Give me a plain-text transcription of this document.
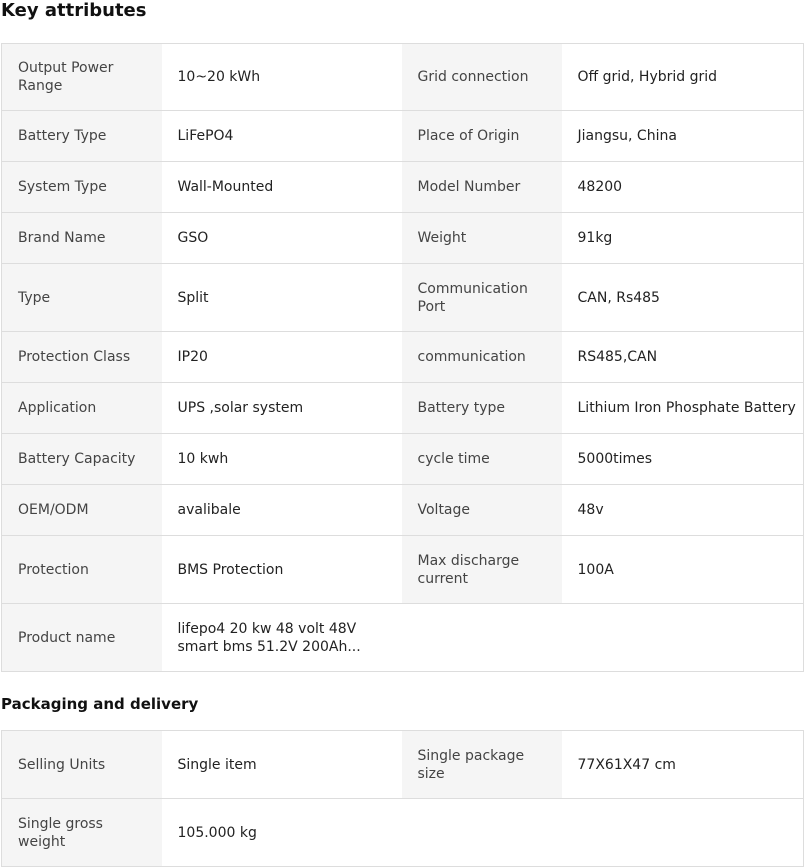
Key attributes
Output Power Range	10~20 kWh	Grid connection	Off grid, Hybrid grid
Battery Type	LiFePO4	Place of Origin	Jiangsu, China
System Type	Wall-Mounted	Model Number	48200
Brand Name	GSO	Weight	91kg
Type	Split	Communication Port	CAN, Rs485
Protection Class	IP20	communication	RS485,CAN
Application	UPS ,solar system	Battery type	Lithium Iron Phosphate Battery
Battery Capacity	10 kwh	cycle time	5000times
OEM/ODM	avalibale	Voltage	48v
Protection	BMS Protection	Max discharge current	100A
Product name	lifepo4 20 kw 48 volt 48V smart bms 51.2V 200Ah...		

Packaging and delivery
Selling Units	Single item	Single package size	77X61X47 cm
Single gross weight	105.000 kg		
